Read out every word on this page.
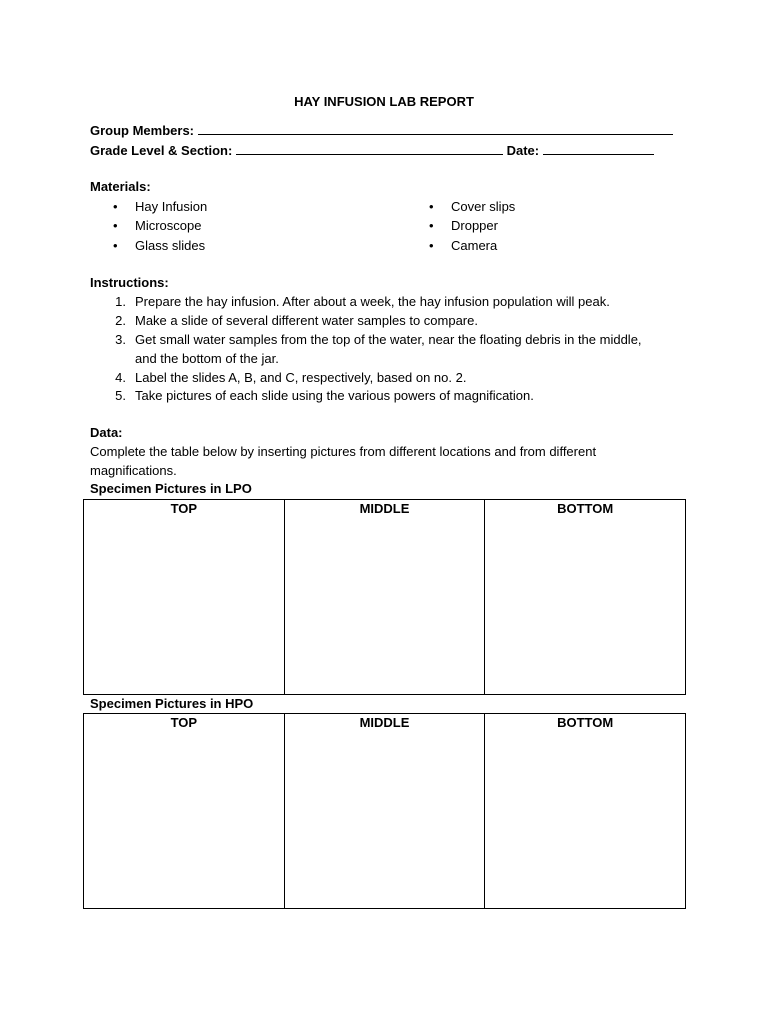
HAY INFUSION LAB REPORT
Group Members:
Grade Level & Section:	Date:
Materials:
• Hay Infusion
• Microscope
• Glass slides
• Cover slips
• Dropper
• Camera
Instructions:
1. Prepare the hay infusion. After about a week, the hay infusion population will peak.
2. Make a slide of several different water samples to compare.
3. Get small water samples from the top of the water, near the floating debris in the middle,
and the bottom of the jar.
4. Label the slides A, B, and C, respectively, based on no. 2.
5. Take pictures of each slide using the various powers of magnification.
Data:
Complete the table below by inserting pictures from different locations and from different
magnifications.
Specimen Pictures in LPO
TOP	MIDDLE	BOTTOM
Specimen Pictures in HPO
TOP	MIDDLE	BOTTOM
